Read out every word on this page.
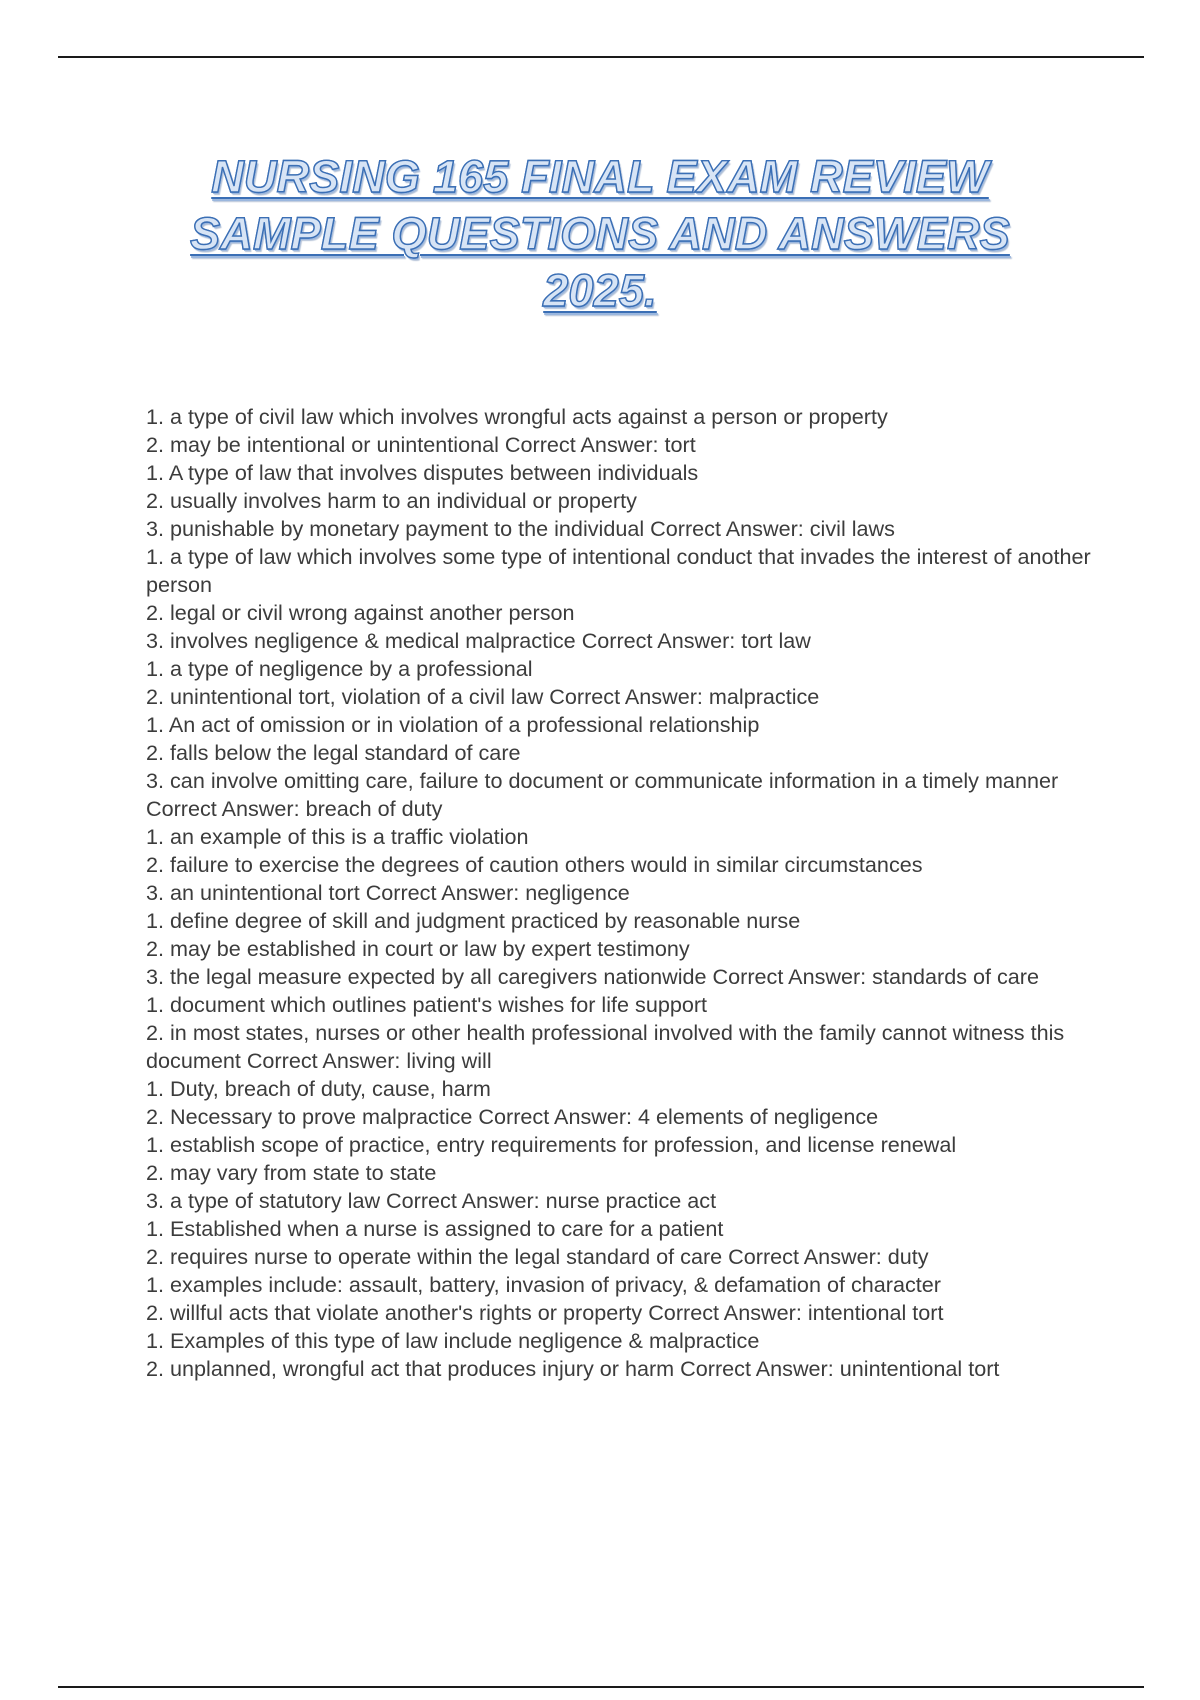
NURSING 165 FINAL EXAM REVIEW
SAMPLE QUESTIONS AND ANSWERS
2025.
1. a type of civil law which involves wrongful acts against a person or property
2. may be intentional or unintentional Correct Answer: tort
1. A type of law that involves disputes between individuals
2. usually involves harm to an individual or property
3. punishable by monetary payment to the individual Correct Answer: civil laws
1. a type of law which involves some type of intentional conduct that invades the interest of another person
2. legal or civil wrong against another person
3. involves negligence & medical malpractice Correct Answer: tort law
1. a type of negligence by a professional
2. unintentional tort, violation of a civil law Correct Answer: malpractice
1. An act of omission or in violation of a professional relationship
2. falls below the legal standard of care
3. can involve omitting care, failure to document or communicate information in a timely manner Correct Answer: breach of duty
1. an example of this is a traffic violation
2. failure to exercise the degrees of caution others would in similar circumstances
3. an unintentional tort Correct Answer: negligence
1. define degree of skill and judgment practiced by reasonable nurse
2. may be established in court or law by expert testimony
3. the legal measure expected by all caregivers nationwide Correct Answer: standards of care
1. document which outlines patient's wishes for life support
2. in most states, nurses or other health professional involved with the family cannot witness this document Correct Answer: living will
1. Duty, breach of duty, cause, harm
2. Necessary to prove malpractice Correct Answer: 4 elements of negligence
1. establish scope of practice, entry requirements for profession, and license renewal
2. may vary from state to state
3. a type of statutory law Correct Answer: nurse practice act
1. Established when a nurse is assigned to care for a patient
2. requires nurse to operate within the legal standard of care Correct Answer: duty
1. examples include: assault, battery, invasion of privacy, & defamation of character
2. willful acts that violate another's rights or property Correct Answer: intentional tort
1. Examples of this type of law include negligence & malpractice
2. unplanned, wrongful act that produces injury or harm Correct Answer: unintentional tort
